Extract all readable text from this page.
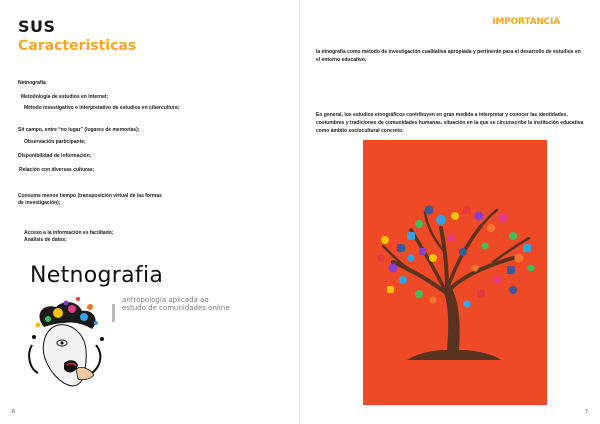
SUS
Caracteristicas
Netnografía
Metodología de estudios en Internet;
Método investigativo e interpretativo de estudios en cibercultura;
Sit campo, entre “no lugar” (lugares de memorias);
Observación participante;
Disponibilidad de información;
Relación con diversas culturas;
Consume menos tiempo (transposición virtual de las formas de investigación);
Acceso a la información es facilitado;
Análisis de datos;
Netnografia
antropologia aplicada ao
estudo de comunidades online
6
IMPORTANCIA
la etnografía como método de investigación cualitativa apropiada y pertinente para el desarrollo de estudios en el entorno educativo.
En general, los estudios etnográficos contribuyen en gran medida a interpretar y conocer las identidades, costumbres y tradiciones de comunidades humanas, situación en la que se circunscribe la institución educativa como ámbito sociocultural concreto.
7
